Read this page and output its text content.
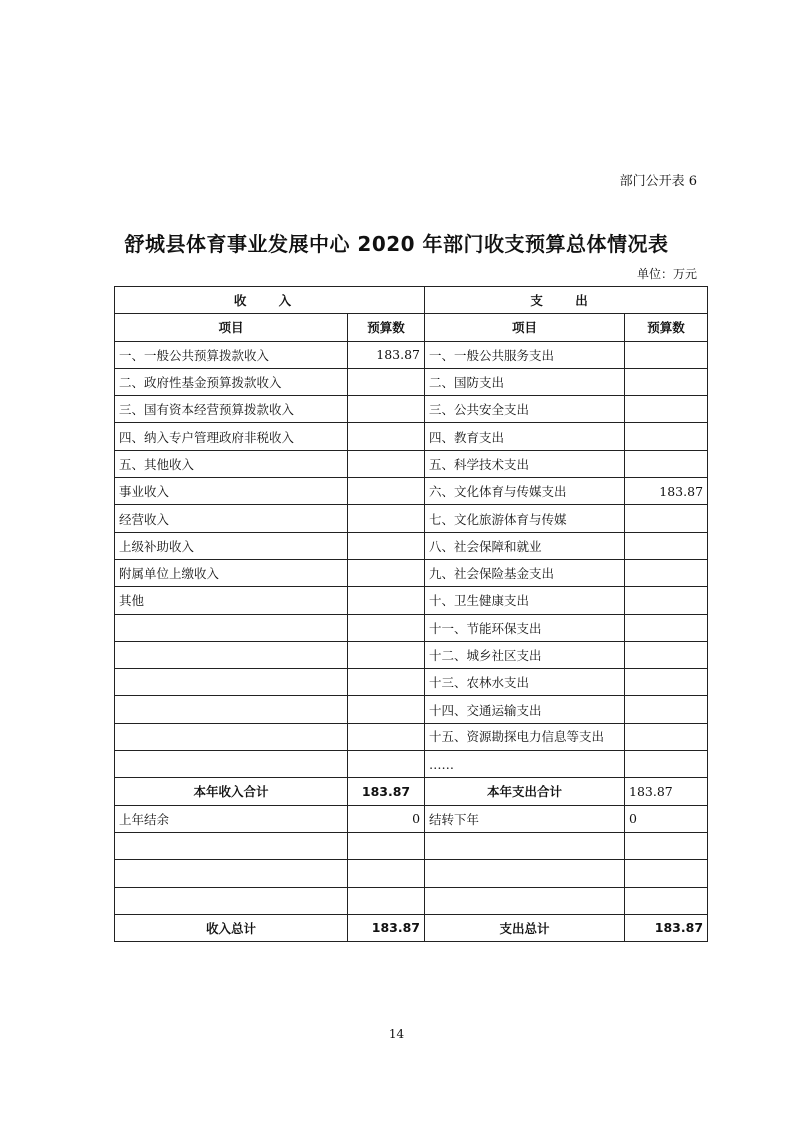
部门公开表 6
舒城县体育事业发展中心 2020 年部门收支预算总体情况表
单位：万元
收 入		支 出	
项目	预算数	项目	预算数
一、一般公共预算拨款收入	183.87	一、一般公共服务支出	
二、政府性基金预算拨款收入		二、国防支出	
三、国有资本经营预算拨款收入		三、公共安全支出	
四、纳入专户管理政府非税收入		四、教育支出	
五、其他收入		五、科学技术支出	
事业收入		六、文化体育与传媒支出	183.87
经营收入		七、文化旅游体育与传媒	
上级补助收入		八、社会保障和就业	
附属单位上缴收入		九、社会保险基金支出	
其他		十、卫生健康支出	
		十一、节能环保支出	
		十二、城乡社区支出	
		十三、农林水支出	
		十四、交通运输支出	
		十五、资源勘探电力信息等支出	
		……	
本年收入合计	183.87	本年支出合计	183.87
上年结余	0	结转下年	0

收入总计	183.87	支出总计	183.87
14
